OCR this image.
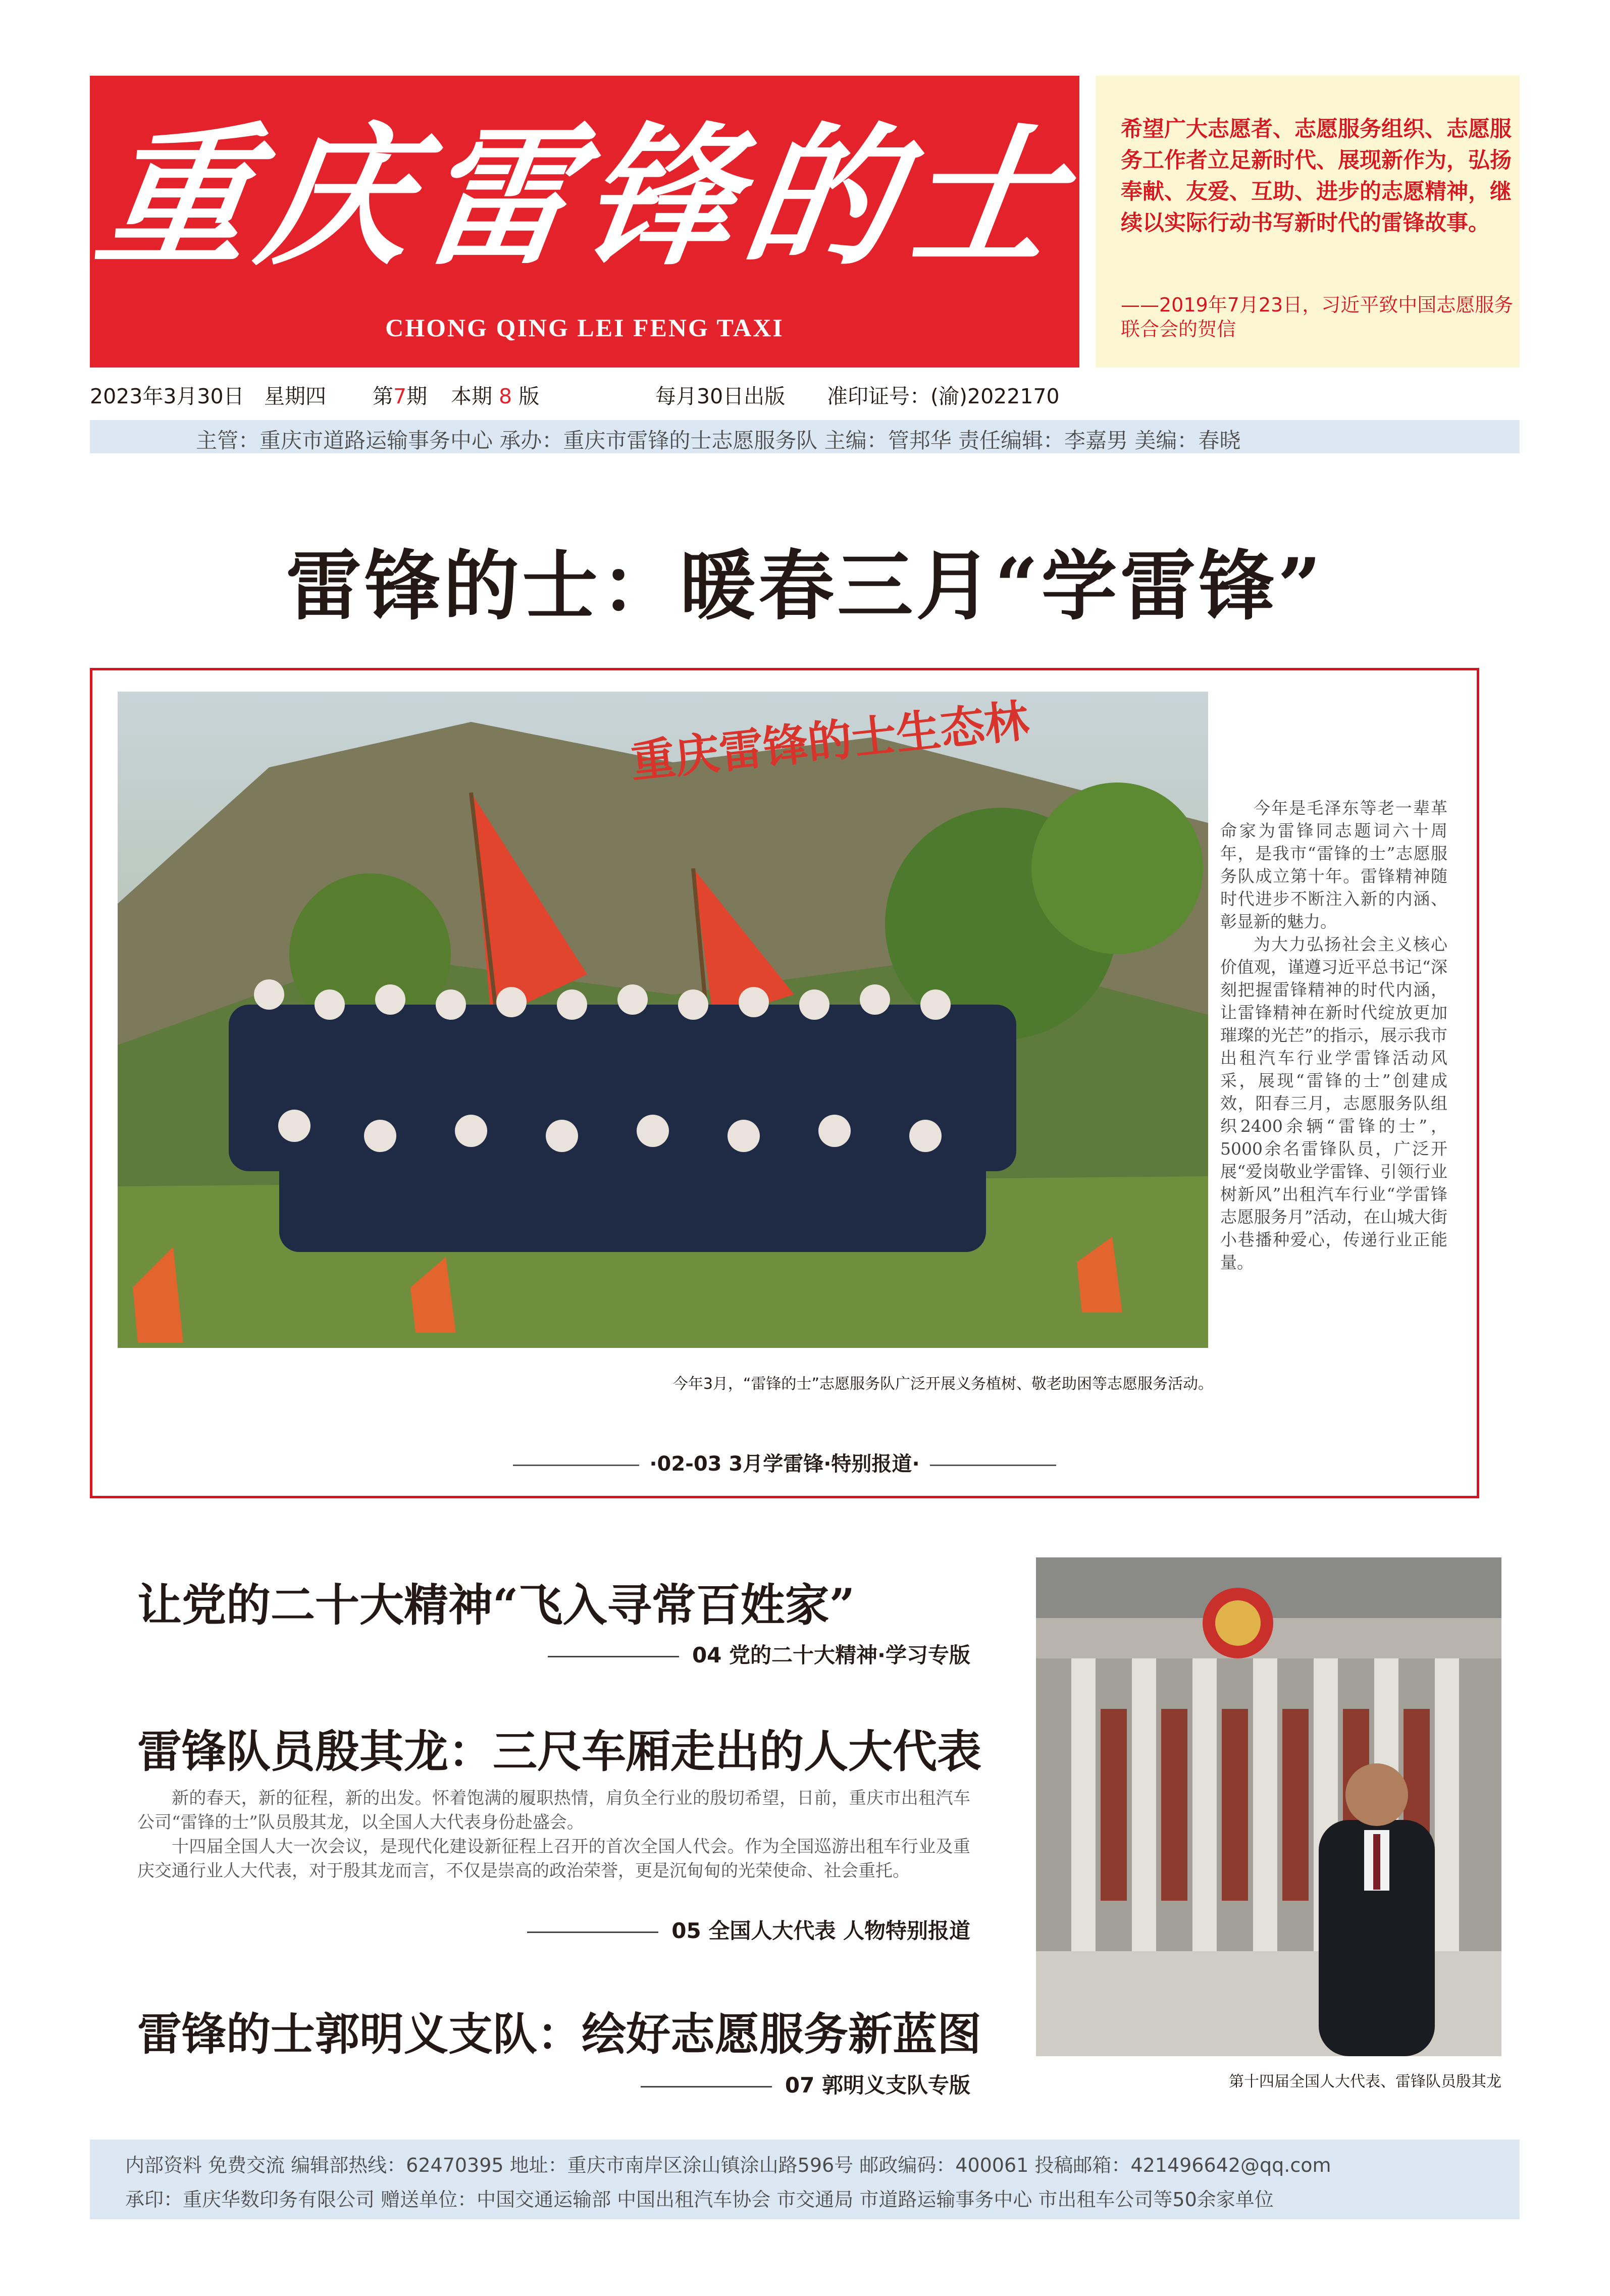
重庆雷锋的士
CHONG QING LEI FENG TAXI
希望广大志愿者、志愿服务组织、志愿服务工作者立足新时代、展现新作为，弘扬奉献、友爱、互助、进步的志愿精神，继续以实际行动书写新时代的雷锋故事。
——2019年7月23日，习近平致中国志愿服务联合会的贺信
2023年3月30日 星期四 第7期 本期 8 版	每月30日出版 准印证号：(渝)2022170
主管：重庆市道路运输事务中心 承办：重庆市雷锋的士志愿服务队 主编：管邦华 责任编辑：李嘉男 美编：春晓
雷锋的士：暖春三月“学雷锋”
重庆雷锋的士生态林
今年3月，“雷锋的士”志愿服务队广泛开展义务植树、敬老助困等志愿服务活动。

今年是毛泽东等老一辈革命家为雷锋同志题词六十周年，是我市“雷锋的士”志愿服务队成立第十年。雷锋精神随时代进步不断注入新的内涵、彰显新的魅力。

为大力弘扬社会主义核心价值观，谨遵习近平总书记“深刻把握雷锋精神的时代内涵，让雷锋精神在新时代绽放更加璀璨的光芒”的指示，展示我市出租汽车行业学雷锋活动风采，展现“雷锋的士”创建成效，阳春三月，志愿服务队组织2400余辆“雷锋的士”，5000余名雷锋队员，广泛开展“爱岗敬业学雷锋、引领行业树新风”出租汽车行业“学雷锋志愿服务月”活动，在山城大街小巷播种爱心，传递行业正能量。

·02-03 3月学雷锋·特别报道·
让党的二十大精神“飞入寻常百姓家”
04 党的二十大精神·学习专版
雷锋队员殷其龙：三尺车厢走出的人大代表

新的春天，新的征程，新的出发。怀着饱满的履职热情，肩负全行业的殷切希望，日前，重庆市出租汽车公司“雷锋的士”队员殷其龙，以全国人大代表身份赴盛会。

十四届全国人大一次会议，是现代化建设新征程上召开的首次全国人代会。作为全国巡游出租车行业及重庆交通行业人大代表，对于殷其龙而言，不仅是崇高的政治荣誉，更是沉甸甸的光荣使命、社会重托。

05 全国人大代表 人物特别报道
雷锋的士郭明义支队：绘好志愿服务新蓝图
07 郭明义支队专版	第十四届全国人大代表、雷锋队员殷其龙
内部资料 免费交流 编辑部热线：62470395 地址：重庆市南岸区涂山镇涂山路596号 邮政编码：400061 投稿邮箱：421496642@qq.com
承印：重庆华数印务有限公司 赠送单位：中国交通运输部 中国出租汽车协会 市交通局 市道路运输事务中心 市出租车公司等50余家单位
